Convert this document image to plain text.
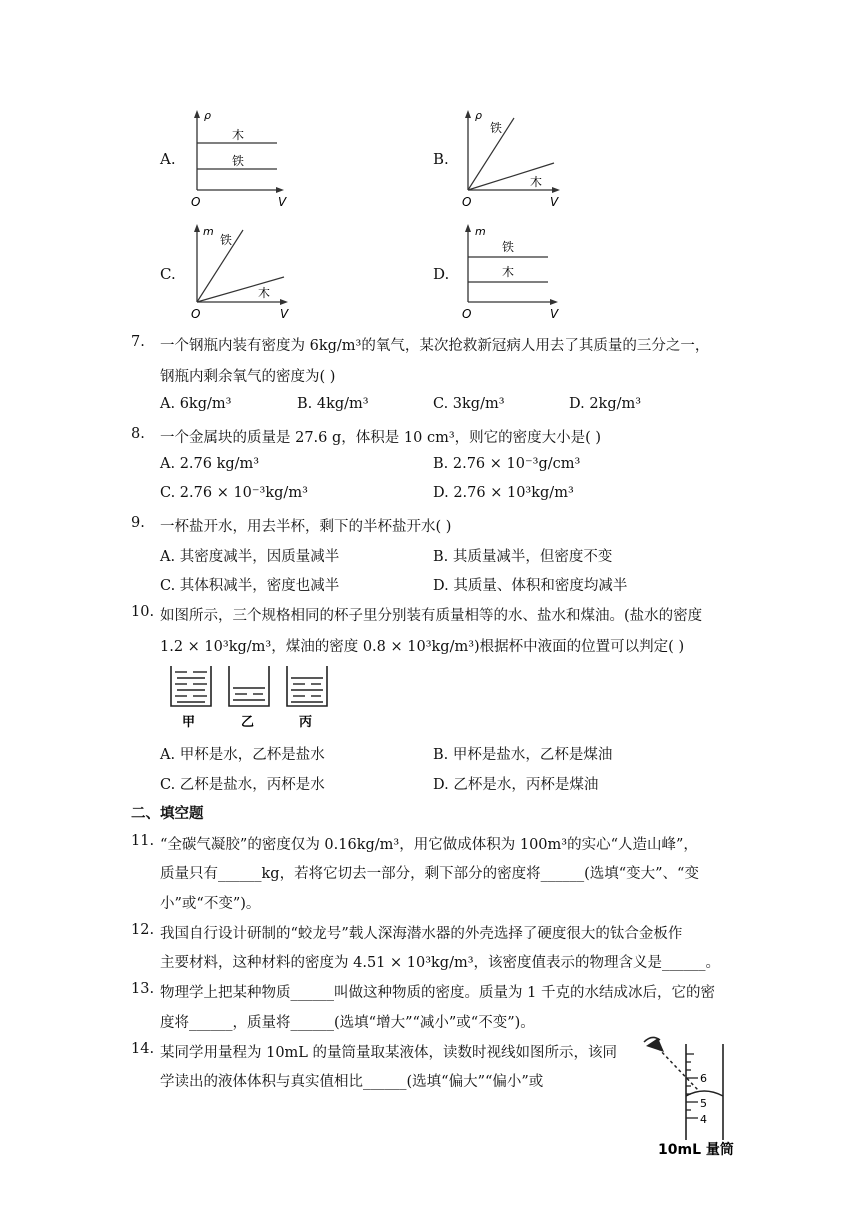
A.
ρ
木
铁
O	V
B.
ρ
铁
木
O	V
C.
m
铁
木
O	V
D.
m
铁
木
O	V
7. 一个钢瓶内装有密度为 6kg/m³的氧气，某次抢救新冠病人用去了其质量的三分之一，
钢瓶内剩余氧气的密度为( )
A. 6kg/m³	B. 4kg/m³	C. 3kg/m³	D. 2kg/m³
8. 一个金属块的质量是 27.6 g，体积是 10 cm³，则它的密度大小是( )
A. 2.76 kg/m³	B. 2.76 × 10⁻³g/cm³
C. 2.76 × 10⁻³kg/m³	D. 2.76 × 10³kg/m³
9. 一杯盐开水，用去半杯，剩下的半杯盐开水( )
A. 其密度减半，因质量减半	B. 其质量减半，但密度不变
C. 其体积减半，密度也减半	D. 其质量、体积和密度均减半
10. 如图所示，三个规格相同的杯子里分别装有质量相等的水、盐水和煤油。(盐水的密度
1.2 × 10³kg/m³，煤油的密度 0.8 × 10³kg/m³)根据杯中液面的位置可以判定( )
甲	乙	丙
A. 甲杯是水，乙杯是盐水	B. 甲杯是盐水，乙杯是煤油
C. 乙杯是盐水，丙杯是水	D. 乙杯是水，丙杯是煤油
二、填空题
11. “全碳气凝胶”的密度仅为 0.16kg/m³，用它做成体积为 100m³的实心“人造山峰”，
质量只有______kg，若将它切去一部分，剩下部分的密度将______(选填“变大”、“变
小”或“不变”)。
12. 我国自行设计研制的“蛟龙号”载人深海潜水器的外壳选择了硬度很大的钛合金板作
主要材料，这种材料的密度为 4.51 × 10³kg/m³，该密度值表示的物理含义是______。
13. 物理学上把某种物质______叫做这种物质的密度。质量为 1 千克的水结成冰后，它的密
度将______，质量将______(选填“增大”“减小”或“不变”)。
14. 某同学用量程为 10mL 的量筒量取某液体，读数时视线如图所示，该同
学读出的液体体积与真实值相比______(选填“偏大”“偏小”或	6
5
4
10mL 量筒
